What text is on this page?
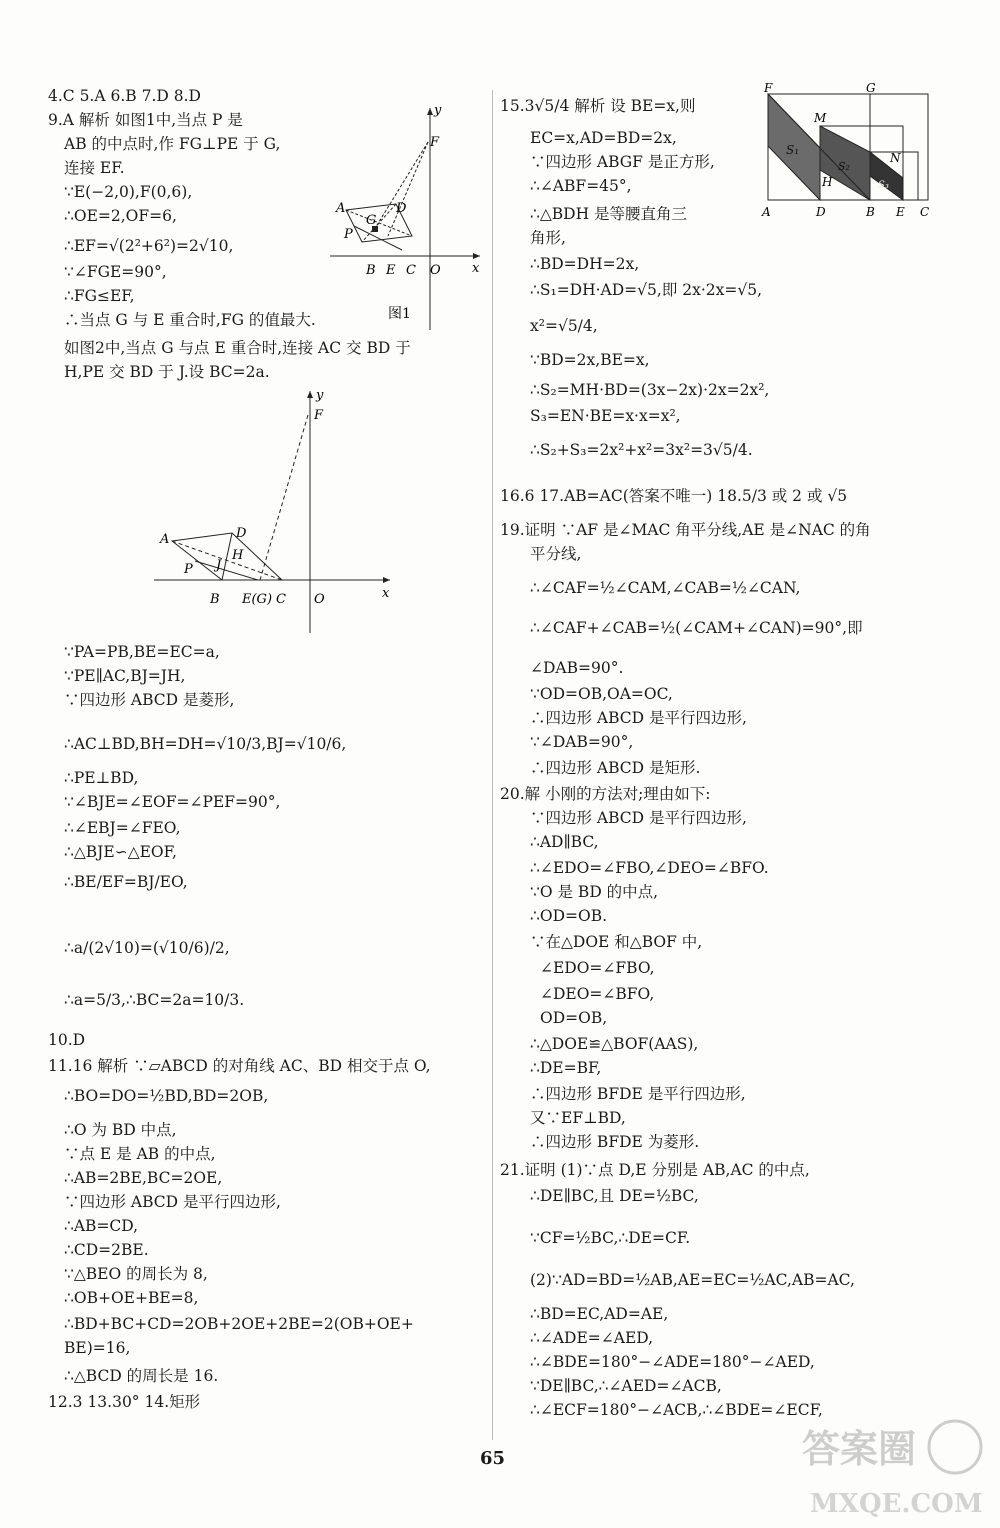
4.C 5.A 6.B 7.D 8.D
9.A 解析 如图1中,当点 P 是
AB 的中点时,作 FG⊥PE 于 G,
连接 EF.
∵E(−2,0),F(0,6),
∴OE=2,OF=6,
∴EF=√(2²+6²)=2√10,
∵∠FGE=90°,
∴FG≤EF,
∴当点 G 与 E 重合时,FG 的值最大.
如图2中,当点 G 与点 E 重合时,连接 AC 交 BD 于
H,PE 交 BD 于 J.设 BC=2a.
∵PA=PB,BE=EC=a,
∵PE∥AC,BJ=JH,
∵四边形 ABCD 是菱形,
∴AC⊥BD,BH=DH=√10/3,BJ=√10/6,
∴PE⊥BD,
∵∠BJE=∠EOF=∠PEF=90°,
∴∠EBJ=∠FEO,
∴△BJE∽△EOF,
∴BE/EF=BJ/EO,
∴a/(2√10)=(√10/6)/2,
∴a=5/3,∴BC=2a=10/3.
10.D
11.16 解析 ∵▱ABCD 的对角线 AC、BD 相交于点 O,
∴BO=DO=½BD,BD=2OB,
∴O 为 BD 中点,
∵点 E 是 AB 的中点,
∴AB=2BE,BC=2OE,
∵四边形 ABCD 是平行四边形,
∴AB=CD,
∴CD=2BE.
∵△BEO 的周长为 8,
∴OB+OE+BE=8,
∴BD+BC+CD=2OB+2OE+2BE=2(OB+OE+
BE)=16,
∴△BCD 的周长是 16.
12.3 13.30° 14.矩形
15.3√5/4 解析 设 BE=x,则
EC=x,AD=BD=2x,
∵四边形 ABGF 是正方形,
∴∠ABF=45°,
∴△BDH 是等腰直角三
角形,
∴BD=DH=2x,
∴S₁=DH·AD=√5,即 2x·2x=√5,
x²=√5/4,
∵BD=2x,BE=x,
∴S₂=MH·BD=(3x−2x)·2x=2x²,
S₃=EN·BE=x·x=x²,
∴S₂+S₃=2x²+x²=3x²=3√5/4.
16.6 17.AB=AC(答案不唯一) 18.5/3 或 2 或 √5
19.证明 ∵AF 是∠MAC 角平分线,AE 是∠NAC 的角
平分线,
∴∠CAF=½∠CAM,∠CAB=½∠CAN,
∴∠CAF+∠CAB=½(∠CAM+∠CAN)=90°,即
∠DAB=90°.
∵OD=OB,OA=OC,
∴四边形 ABCD 是平行四边形,
∵∠DAB=90°,
∴四边形 ABCD 是矩形.
20.解 小刚的方法对;理由如下:
∵四边形 ABCD 是平行四边形,
∴AD∥BC,
∴∠EDO=∠FBO,∠DEO=∠BFO.
∵O 是 BD 的中点,
∴OD=OB.
∵在△DOE 和△BOF 中,
∠EDO=∠FBO,
∠DEO=∠BFO,
OD=OB,
∴△DOE≌△BOF(AAS),
∴DE=BF,
∴四边形 BFDE 是平行四边形,
又∵EF⊥BD,
∴四边形 BFDE 为菱形.
21.证明 (1)∵点 D,E 分别是 AB,AC 的中点,
∴DE∥BC,且 DE=½BC,
∵CF=½BC,∴DE=CF.
(2)∵AD=BD=½AB,AE=EC=½AC,AB=AC,
∴BD=EC,AD=AE,
∴∠ADE=∠AED,
∴∠BDE=180°−∠ADE=180°−∠AED,
∵DE∥BC,∴∠AED=∠ACB,
∴∠ECF=180°−∠ACB,∴∠BDE=∠ECF,
y
F
A
G
D
P
B E C O x
图1
y
F
A	D
H
P J
B E(G) C O	x
F	G
M
S₁
S₂
S₃
N
H
A	D	B E C
65	答案圈
MXQE.COM
